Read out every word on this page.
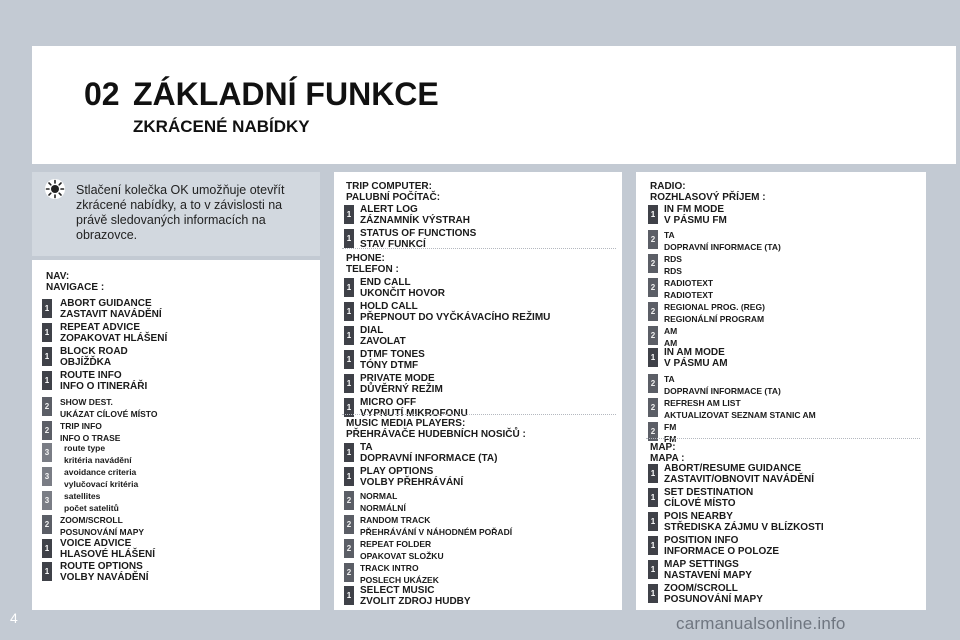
02 ZÁKLADNÍ FUNKCE
ZKRÁCENÉ NABÍDKY
Stlačení kolečka OK umožňuje otevřít zkrácené nabídky, a to v závislosti na právě sledovaných informacích na obrazovce.
NAV:
NAVIGACE :
1 ABORT GUIDANCE
ZASTAVIT NAVÁDĚNÍ
1 REPEAT ADVICE
ZOPAKOVAT HLÁŠENÍ
1 BLOCK ROAD
OBJÍŽĎKA
1 ROUTE INFO
INFO O ITINERÁŘI
2	SHOW DEST.
UKÁZAT CÍLOVÉ MÍSTO
2	TRIP INFO
INFO O TRASE
3	route type
kritéria navádění
3	avoidance criteria
vylučovací kritéria
3	satellites
počet satelitů
2	ZOOM/SCROLL
POSUNOVÁNÍ MAPY
1 VOICE ADVICE
HLASOVÉ HLÁŠENÍ
1 ROUTE OPTIONS
VOLBY NAVÁDĚNÍ
TRIP COMPUTER:
PALUBNÍ POČÍTAČ:
1 ALERT LOG
ZÁZNAMNÍK VÝSTRAH
1 STATUS OF FUNCTIONS
STAV FUNKCÍ
PHONE:
TELEFON :
1 END CALL
UKONČIT HOVOR
1 HOLD CALL
PŘEPNOUT DO VYČKÁVACÍHO REŽIMU
1 DIAL
ZAVOLAT
1 DTMF TONES
TÓNY DTMF
1 PRIVATE MODE
DŮVĚRNÝ REŽIM
1 MICRO OFF
VYPNUTÍ MIKROFONU
MUSIC MEDIA PLAYERS:
PŘEHRÁVAČE HUDEBNÍCH NOSIČŮ :
1 TA
DOPRAVNÍ INFORMACE (TA)
1 PLAY OPTIONS
VOLBY PŘEHRÁVÁNÍ
2	NORMAL
NORMÁLNÍ
2	RANDOM TRACK
PŘEHRÁVÁNÍ V NÁHODNÉM POŘADÍ
2	REPEAT FOLDER
OPAKOVAT SLOŽKU
2	TRACK INTRO
POSLECH UKÁZEK
1 SELECT MUSIC
ZVOLIT ZDROJ HUDBY
RADIO:
ROZHLASOVÝ PŘÍJEM :
1 IN FM MODE
V PÁSMU FM
2	TA
DOPRAVNÍ INFORMACE (TA)
2	RDS
RDS
2	RADIOTEXT
RADIOTEXT
2	REGIONAL PROG. (REG)
REGIONÁLNÍ PROGRAM
2	AM
AM
1 IN AM MODE
V PÁSMU AM
2	TA
DOPRAVNÍ INFORMACE (TA)
2	REFRESH AM LIST
AKTUALIZOVAT SEZNAM STANIC AM
2	FM
FM
MAP:
MAPA :
1 ABORT/RESUME GUIDANCE
ZASTAVIT/OBNOVIT NAVÁDĚNÍ
1 SET DESTINATION
CÍLOVÉ MÍSTO
1 POIS NEARBY
STŘEDISKA ZÁJMU V BLÍZKOSTI
1 POSITION INFO
INFORMACE O POLOZE
1 MAP SETTINGS
NASTAVENÍ MAPY
1 ZOOM/SCROLL
POSUNOVÁNÍ MAPY
4	carmanualsonline.info
